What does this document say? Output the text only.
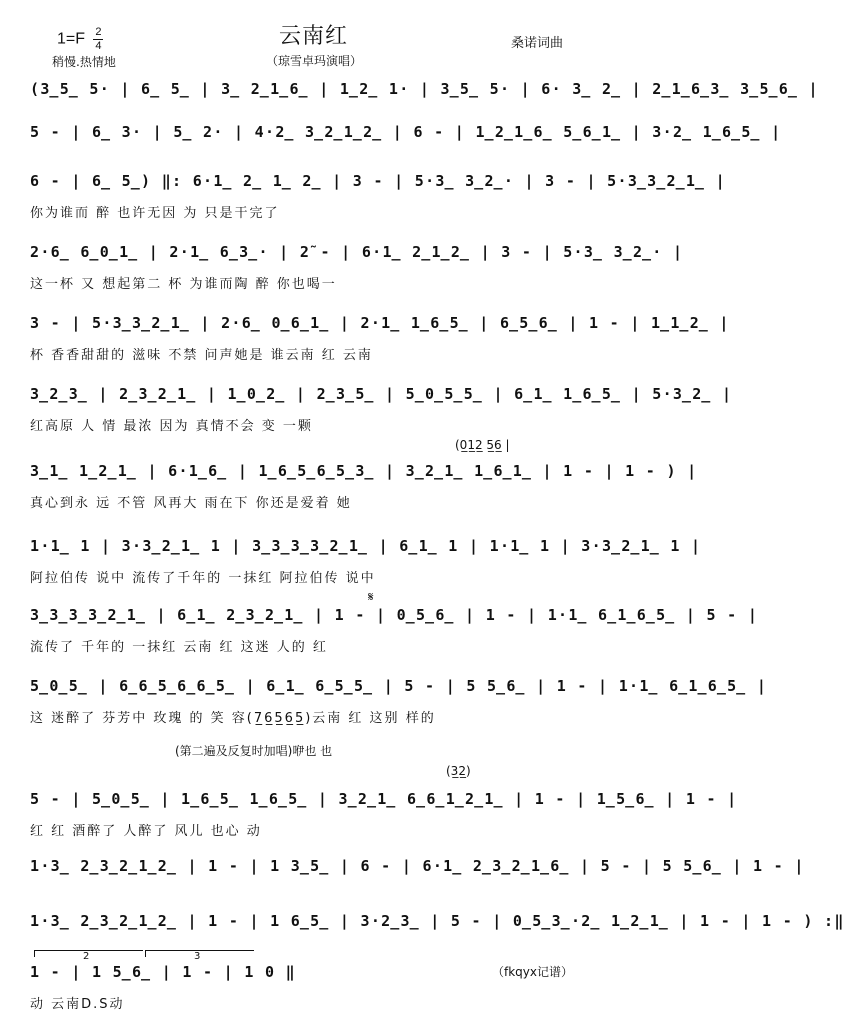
$1=F \frac{2}{4}$
稍慢.热情地
云南红
（琼雪卓玛演唱）
桑诺词曲
(3̲5̲ 5· | 6̲ 5̲ | 3̲ 2̲1̲6̲ | 1̲2̲ 1· | 3̲5̲ 5· | 6· 3̲ 2̲ | 2̲1̲6̲3̲ 3̲5̲6̲ |
5 - | 6̲ 3· | 5̲ 2· | 4·2̲ 3̲2̲1̲2̲ | 6 - | 1̲2̲1̲6̲ 5̲6̲1̲ | 3·2̲ 1̲6̲5̲ |
6 - | 6̲ 5̲) ‖: 6·1̲ 2̲ 1̲ 2̲ | 3 - | 5·3̲ 3̲2̲· | 3 - | 5·3̲3̲2̲1̲ |
你为谁而 醉 也许无因 为 只是干完了
2·6̲ 6̲0̲1̲ | 2·1̲ 6̲3̲· | 2̃ - | 6·1̲ 2̲1̲2̲ | 3 - | 5·3̲ 3̲2̲· |
这一杯 又 想起第二 杯 为谁而陶 醉 你也喝一
3 - | 5·3̲3̲2̲1̲ | 2·6̲ 0̲6̲1̲ | 2·1̲ 1̲6̲5̲ | 6̲5̲6̲ | 1 - | 1̲1̲2̲ |
杯 香香甜甜的 滋味 不禁 问声她是 谁云南 红 云南
3̲2̲3̲ | 2̲3̲2̲1̲ | 1̲0̲2̲ | 2̲3̲5̲ | 5̲0̲5̲5̲ | 6̲1̲ 1̲6̲5̲ | 5·3̲2̲ |
红高原 人 情 最浓 因为 真情不会 变 一颗
3̲1̲ 1̲2̲1̲ | 6·1̲6̲ | 1̲6̲5̲6̲5̲3̲ | 3̲2̲1̲ 1̲6̲1̲ | 1 - | 1 - ) |
真心到永 远 不管 风再大 雨在下 你还是爱着 她
1·1̲ 1 | 3·3̲2̲1̲ 1 | 3̲3̲3̲3̲2̲1̲ | 6̲1̲ 1 | 1·1̲ 1 | 3·3̲2̲1̲ 1 |
阿拉伯传 说中 流传了千年的 一抹红 阿拉伯传 说中
3̲3̲3̲3̲2̲1̲ | 6̲1̲ 2̲3̲2̲1̲ | 1 - | 0̲5̲6̲ | 1 - | 1·1̲ 6̲1̲6̲5̲ | 5 - |
流传了 千年的 一抹红 云南 红 这迷 人的 红
5̲0̲5̲ | 6̲6̲5̲6̲6̲5̲ | 6̲1̲ 6̲5̲5̲ | 5 - | 5 5̲6̲ | 1 - | 1·1̲ 6̲1̲6̲5̲ |
这 迷醉了 芬芳中 玫瑰 的 笑 容(7̲6̲5̲6̲5̲)云南 红 这别 样的
5 - | 5̲0̲5̲ | 1̲6̲5̲ 1̲6̲5̲ | 3̲2̲1̲ 6̲6̲1̲2̲1̲ | 1 - | 1̲5̲6̲ | 1 - |
红 红 酒醉了 人醉了 风儿 也心 动
1·3̲ 2̲3̲2̲1̲2̲ | 1 - | 1 3̲5̲ | 6 - | 6·1̲ 2̲3̲2̲1̲6̲ | 5 - | 5 5̲6̲ | 1 - |
1·3̲ 2̲3̲2̲1̲2̲ | 1 - | 1 6̲5̲ | 3·2̲3̲ | 5 - | 0̲5̲3̲·2̲ 1̲2̲1̲ | 1 - | 1 - ) :‖
1 - | 1 5̲6̲ | 1 - | 1 0 ‖
动 云南D.S动
(0̲1̲2̲ 5̲6̲ |
(第二遍及反复时加唱)咿也 也
(3̲2̲)
𝄋
2	3
（fkqyx记谱）
